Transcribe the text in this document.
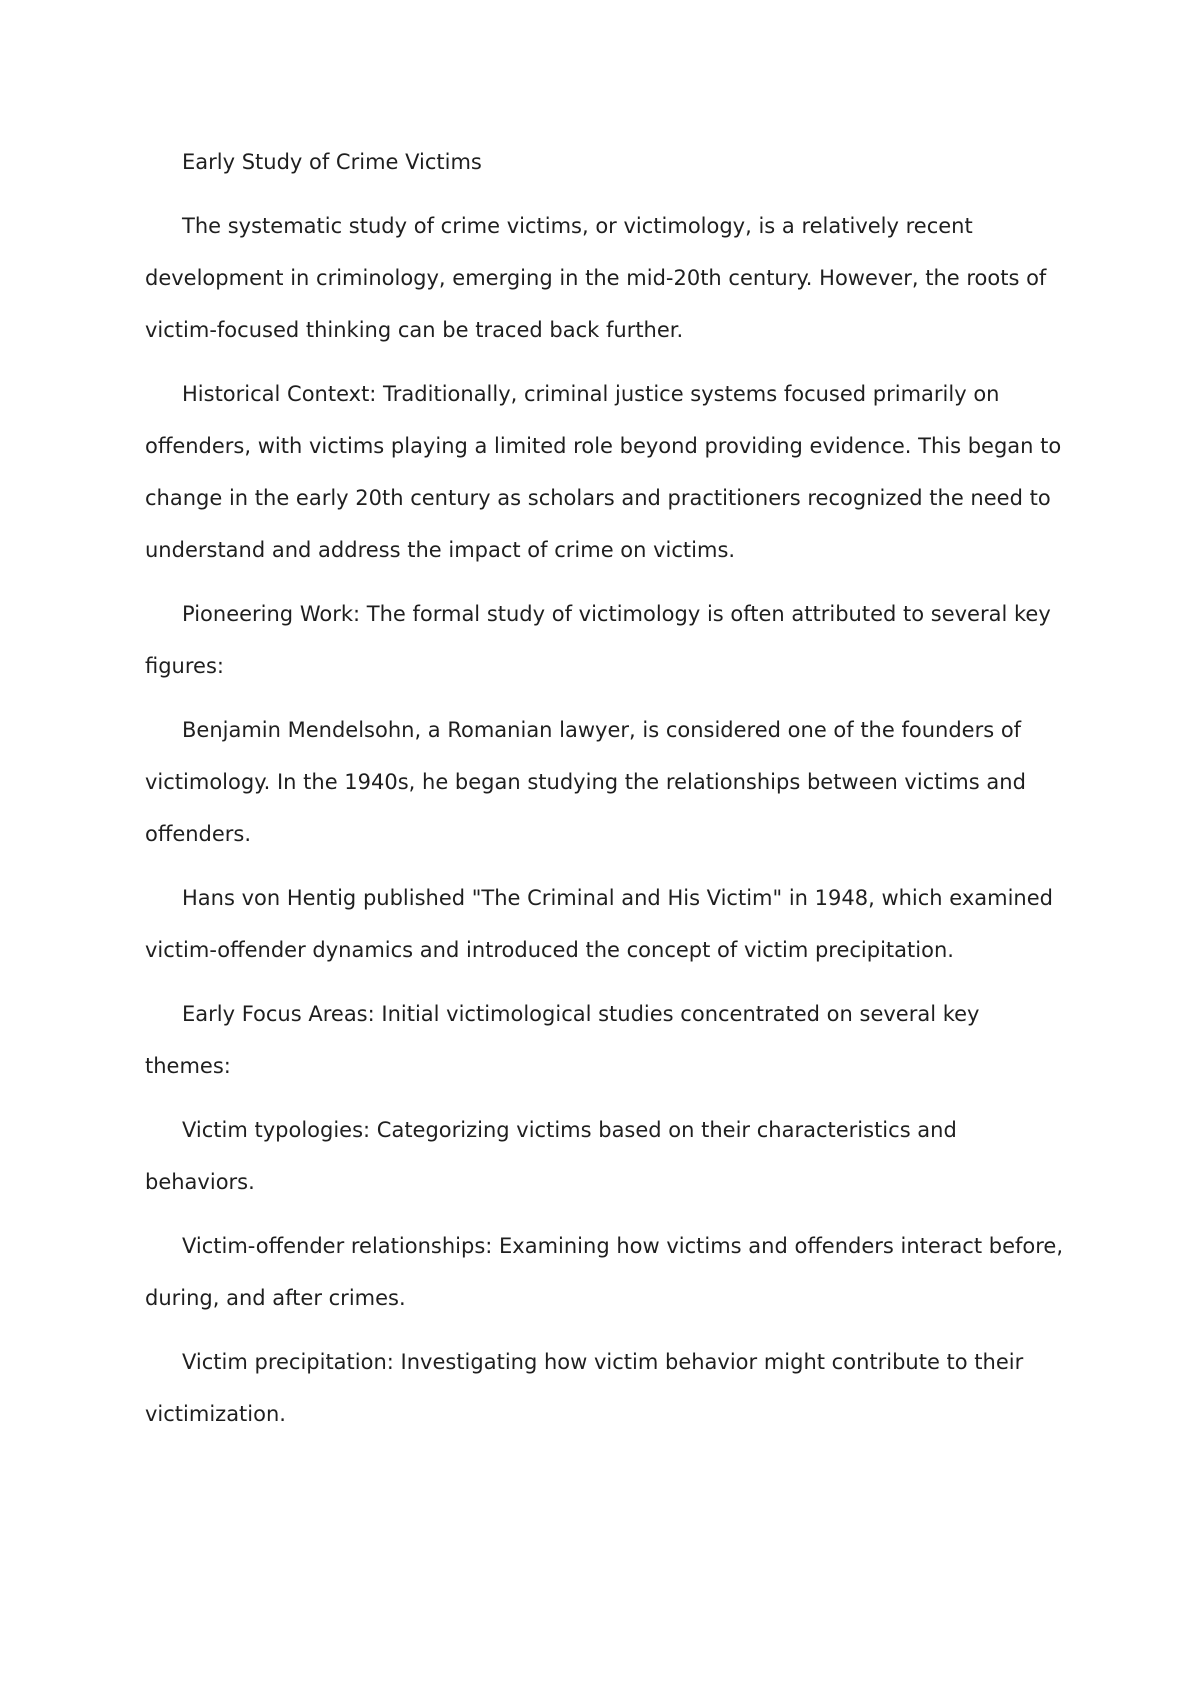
Early Study of Crime Victims

The systematic study of crime victims, or victimology, is a relatively recent development in criminology, emerging in the mid-20th century. However, the roots of victim-focused thinking can be traced back further.

Historical Context: Traditionally, criminal justice systems focused primarily on offenders, with victims playing a limited role beyond providing evidence. This began to change in the early 20th century as scholars and practitioners recognized the need to understand and address the impact of crime on victims.

Pioneering Work: The formal study of victimology is often attributed to several key figures:

Benjamin Mendelsohn, a Romanian lawyer, is considered one of the founders of victimology. In the 1940s, he began studying the relationships between victims and offenders.

Hans von Hentig published "The Criminal and His Victim" in 1948, which examined victim-offender dynamics and introduced the concept of victim precipitation.

Early Focus Areas: Initial victimological studies concentrated on several key themes:

Victim typologies: Categorizing victims based on their characteristics and behaviors.

Victim-offender relationships: Examining how victims and offenders interact before, during, and after crimes.

Victim precipitation: Investigating how victim behavior might contribute to their victimization.
